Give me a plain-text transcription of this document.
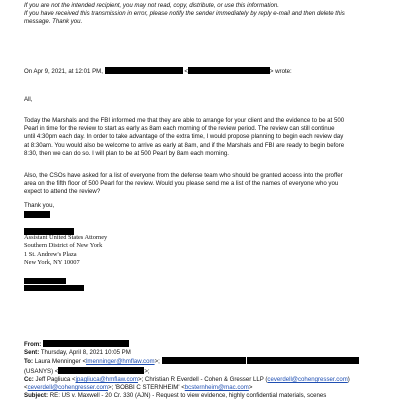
If you are not the intended recipient, you may not read, copy, distribute, or use this information.

If you have received this transmission in error, please notify the sender immediately by reply e-mail and then delete this

message. Thank you.

On Apr 9, 2021, at 12:01 PM,	<	> wrote:

All,

Today the Marshals and the FBI informed me that they are able to arrange for your client and the evidence to be at 500

Pearl in time for the review to start as early as 8am each morning of the review period. The review can still continue

until 4:30pm each day. In order to take advantage of the extra time, I would propose planning to begin each review day

at 8:30am. You would also be welcome to arrive as early at 8am, and if the Marshals and FBI are ready to begin before

8:30, then we can do so. I will plan to be at 500 Pearl by 8am each morning.

Also, the CSOs have asked for a list of everyone from the defense team who should be granted access into the proffer

area on the fifth floor of 500 Pearl for the review. Would you please send me a list of the names of everyone who you

expect to attend the review?

Thank you,

Assistant United States Attorney

Southern District of New York

1 St. Andrew's Plaza

New York, NY 10007

From:

Sent: Thursday, April 8, 2021 10:05 PM

To: Laura Menninger <lmenninger@hmflaw.com>;

(USANYS) <	>;

Cc: Jeff Pagliuca <jpagliuca@hmflaw.com>; Christian R Everdell - Cohen & Gresser LLP (ceverdell@cohengresser.com)

<ceverdell@cohengresser.com>; 'BOBBI C STERNHEIM' <bcsternheim@mac.com>

Subject: RE: US v. Maxwell - 20 Cr. 330 (AJN) - Request to view evidence, highly confidential materials, scenes
